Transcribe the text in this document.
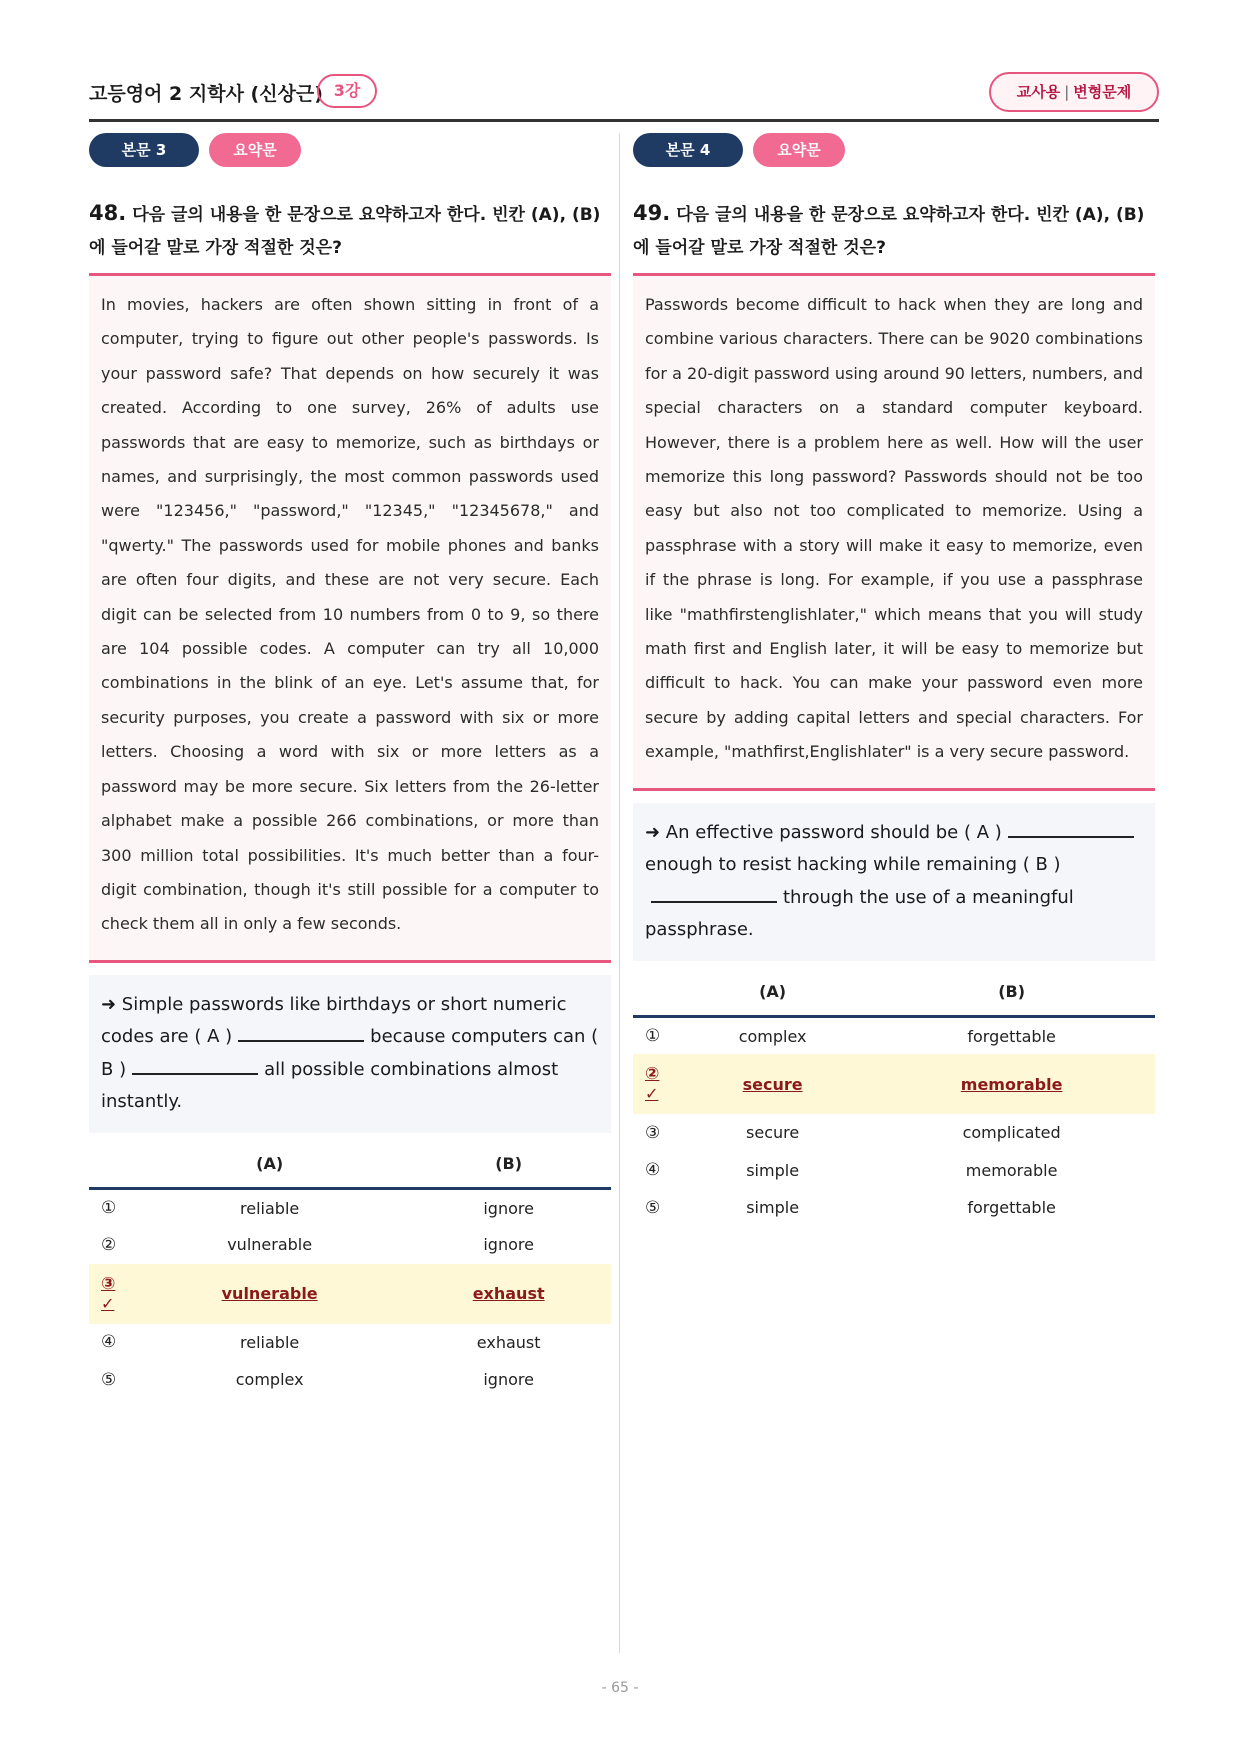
고등영어 2 지학사 (신상근) 3강	교사용 | 변형문제
본문 3	요약문
48. 다음 글의 내용을 한 문장으로 요약하고자 한다. 빈칸 (A), (B)에 들어갈 말로 가장 적절한 것은?
In movies, hackers are often shown sitting in front of a computer, trying to figure out other people's passwords. Is your password safe? That depends on how securely it was created. According to one survey, 26% of adults use passwords that are easy to memorize, such as birthdays or names, and surprisingly, the most common passwords used were "123456," "password," "12345," "12345678," and "qwerty." The passwords used for mobile phones and banks are often four digits, and these are not very secure. Each digit can be selected from 10 numbers from 0 to 9, so there are 104 possible codes. A computer can try all 10,000 combinations in the blink of an eye. Let's assume that, for security purposes, you create a password with six or more letters. Choosing a word with six or more letters as a password may be more secure. Six letters from the 26-letter alphabet make a possible 266 combinations, or more than 300 million total possibilities. It's much better than a four-digit combination, though it's still possible for a computer to check them all in only a few seconds.
➜ Simple passwords like birthdays or short numeric codes are ( A )	because computers can ( B )	all possible combinations almost instantly.
	(A)	(B)
①	reliable	ignore
②	vulnerable	ignore
③
✓	vulnerable	exhaust
④	reliable	exhaust
⑤	complex	ignore
본문 4	요약문
49. 다음 글의 내용을 한 문장으로 요약하고자 한다. 빈칸 (A), (B)에 들어갈 말로 가장 적절한 것은?
Passwords become difficult to hack when they are long and combine various characters. There can be 9020 combinations for a 20-digit password using around 90 letters, numbers, and special characters on a standard computer keyboard. However, there is a problem here as well. How will the user memorize this long password? Passwords should not be too easy but also not too complicated to memorize. Using a passphrase with a story will make it easy to memorize, even if the phrase is long. For example, if you use a passphrase like "mathfirstenglishlater," which means that you will study math first and English later, it will be easy to memorize but difficult to hack. You can make your password even more secure by adding capital letters and special characters. For example, "mathfirst,Englishlater" is a very secure password.
➜ An effective password should be ( A )enough to resist hacking while remaining ( B )through the use of a meaningful passphrase.
	(A)	(B)
①	complex	forgettable
②
✓	secure	memorable
③	secure	complicated
④	simple	memorable
⑤	simple	forgettable
- 65 -
